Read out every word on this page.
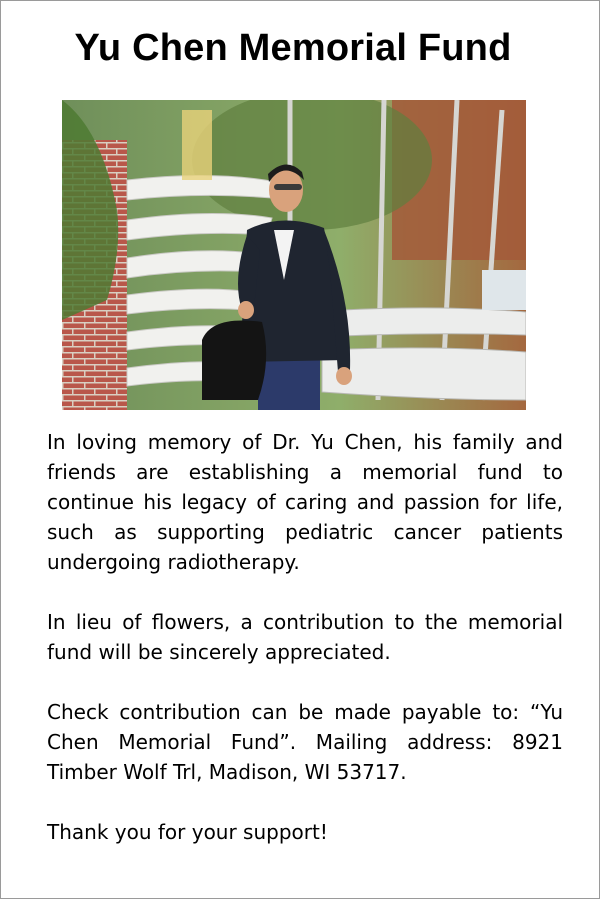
Yu Chen Memorial Fund

In loving memory of Dr. Yu Chen, his family and friends are establishing a memorial fund to continue his legacy of caring and passion for life, such as supporting pediatric cancer patients undergoing radiotherapy.

In lieu of flowers, a contribution to the memorial fund will be sincerely appreciated.

Check contribution can be made payable to: “Yu Chen Memorial Fund”. Mailing address: 8921 Timber Wolf Trl, Madison, WI 53717.

Thank you for your support!
